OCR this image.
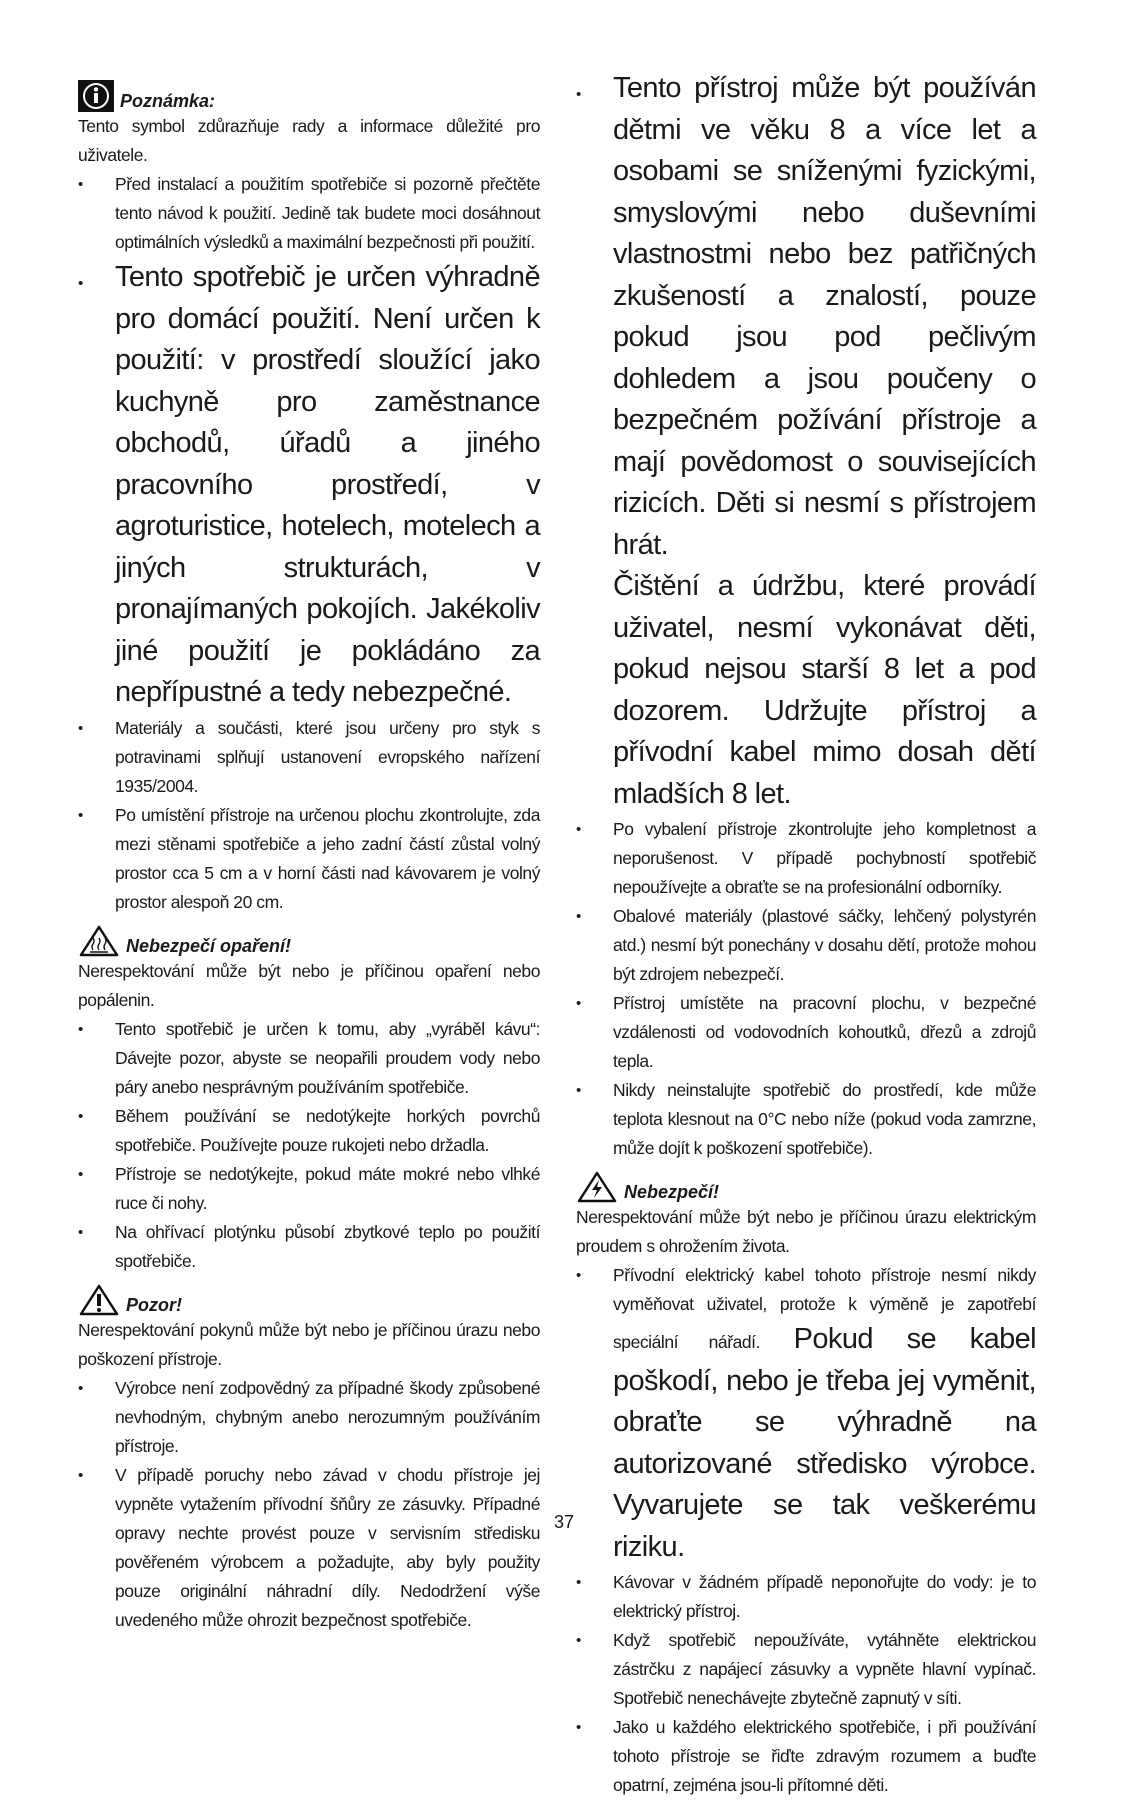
Poznámka:

Tento symbol zdůrazňuje rady a informace důležité pro uživatele.

• Před instalací a použitím spotřebiče si pozorně přečtěte tento návod k použití. Jedině tak budete moci dosáhnout optimálních výsledků a maximální bezpečnosti při použití.
• Tento spotřebič je určen výhradně pro domácí použití. Není určen k použití: v prostředí sloužící jako kuchyně pro zaměstnance obchodů, úřadů a jiného pracovního prostředí, v agroturistice, hotelech, motelech a jiných strukturách, v pronajímaných pokojích. Jakékoliv jiné použití je pokládáno za nepřípustné a tedy nebezpečné.
• Materiály a součásti, které jsou určeny pro styk s potravinami splňují ustanovení evropského nařízení 1935/2004.
• Po umístění přístroje na určenou plochu zkontrolujte, zda mezi stěnami spotřebiče a jeho zadní částí zůstal volný prostor cca 5 cm a v horní části nad kávovarem je volný prostor alespoň 20 cm.
Nebezpečí opaření!

Nerespektování může být nebo je příčinou opaření nebo popálenin.

• Tento spotřebič je určen k tomu, aby „vyráběl kávu“: Dávejte pozor, abyste se neopařili proudem vody nebo páry anebo nesprávným používáním spotřebiče.
• Během používání se nedotýkejte horkých povrchů spotřebiče. Používejte pouze rukojeti nebo držadla.
• Přístroje se nedotýkejte, pokud máte mokré nebo vlhké ruce či nohy.
• Na ohřívací plotýnku působí zbytkové teplo po použití spotřebiče.
Pozor!

Nerespektování pokynů může být nebo je příčinou úrazu nebo poškození přístroje.

• Výrobce není zodpovědný za případné škody způsobené nevhodným, chybným anebo nerozumným používáním přístroje.
• V případě poruchy nebo závad v chodu přístroje jej vypněte vytažením přívodní šňůry ze zásuvky. Případné opravy nechte provést pouze v servisním středisku pověřeném výrobcem a požadujte, aby byly použity pouze originální náhradní díly. Nedodržení výše uvedeného může ohrozit bezpečnost spotřebiče.
• Tento přístroj může být používán dětmi ve věku 8 a více let a osobami se sníženými fyzickými, smyslovými nebo duševními vlastnostmi nebo bez patřičných zkušeností a znalostí, pouze pokud jsou pod pečlivým dohledem a jsou poučeny o bezpečném požívání přístroje a mají povědomost o souvisejících rizicích. Děti si nesmí s přístrojem hrát.

Čištění a údržbu, které provádí uživatel, nesmí vykonávat děti, pokud nejsou starší 8 let a pod dozorem. Udržujte přístroj a přívodní kabel mimo dosah dětí mladších 8 let.

• Po vybalení přístroje zkontrolujte jeho kompletnost a neporušenost. V případě pochybností spotřebič nepoužívejte a obraťte se na profesionální odborníky.
• Obalové materiály (plastové sáčky, lehčený polystyrén atd.) nesmí být ponechány v dosahu dětí, protože mohou být zdrojem nebezpečí.
• Přístroj umístěte na pracovní plochu, v bezpečné vzdálenosti od vodovodních kohoutků, dřezů a zdrojů tepla.
• Nikdy neinstalujte spotřebič do prostředí, kde může teplota klesnout na 0°C nebo níže (pokud voda zamrzne, může dojít k poškození spotřebiče).
Nebezpečí!

Nerespektování může být nebo je příčinou úrazu elektrickým proudem s ohrožením života.

• Přívodní elektrický kabel tohoto přístroje nesmí nikdy vyměňovat uživatel, protože k výměně je zapotřebí speciální nářadí. Pokud se kabel poškodí, nebo je třeba jej vyměnit, obraťte se výhradně na autorizované středisko výrobce. Vyvarujete se tak veškerému riziku.
• Kávovar v žádném případě neponořujte do vody: je to elektrický přístroj.
• Když spotřebič nepoužíváte, vytáhněte elektrickou zástrčku z napájecí zásuvky a vypněte hlavní vypínač. Spotřebič nenechávejte zbytečně zapnutý v síti.
• Jako u každého elektrického spotřebiče, i při používání tohoto přístroje se řiďte zdravým rozumem a buďte opatrní, zejména jsou-li přítomné děti.
37
